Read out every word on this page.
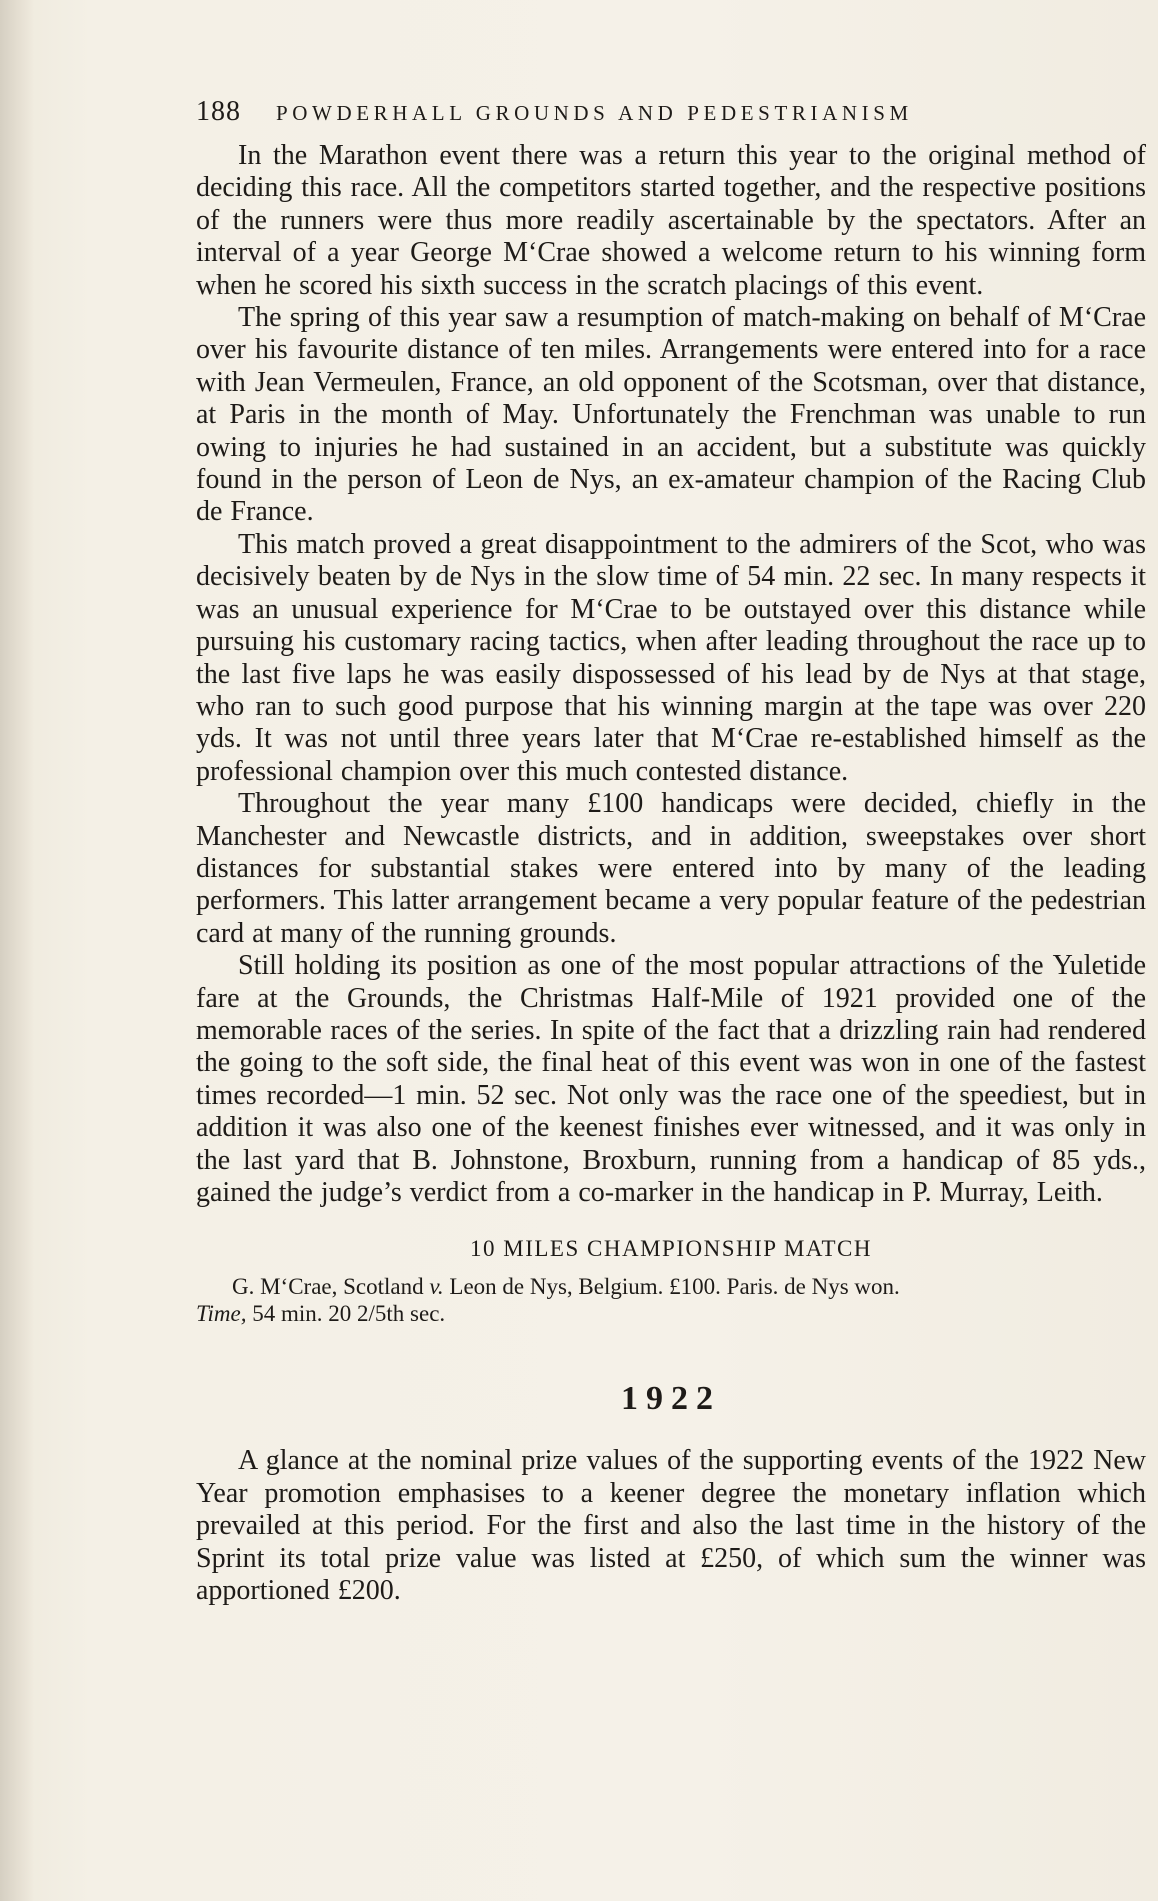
188	POWDERHALL GROUNDS AND PEDESTRIANISM

In the Marathon event there was a return this year to the original method of deciding this race. All the competitors started together, and the respective positions of the runners were thus more readily ascertainable by the spectators. After an interval of a year George M‘Crae showed a welcome return to his winning form when he scored his sixth success in the scratch placings of this event.

The spring of this year saw a resumption of match-making on behalf of M‘Crae over his favourite distance of ten miles. Arrangements were entered into for a race with Jean Vermeulen, France, an old opponent of the Scotsman, over that distance, at Paris in the month of May. Unfortunately the Frenchman was unable to run owing to injuries he had sustained in an accident, but a substitute was quickly found in the person of Leon de Nys, an ex-amateur champion of the Racing Club de France.

This match proved a great disappointment to the admirers of the Scot, who was decisively beaten by de Nys in the slow time of 54 min. 22 sec. In many respects it was an unusual experience for M‘Crae to be outstayed over this distance while pursuing his customary racing tactics, when after leading throughout the race up to the last five laps he was easily dispossessed of his lead by de Nys at that stage, who ran to such good purpose that his winning margin at the tape was over 220 yds. It was not until three years later that M‘Crae re-established himself as the professional champion over this much contested distance.

Throughout the year many £100 handicaps were decided, chiefly in the Manchester and Newcastle districts, and in addition, sweepstakes over short distances for substantial stakes were entered into by many of the leading performers. This latter arrangement became a very popular feature of the pedestrian card at many of the running grounds.

Still holding its position as one of the most popular attractions of the Yuletide fare at the Grounds, the Christmas Half-Mile of 1921 provided one of the memorable races of the series. In spite of the fact that a drizzling rain had rendered the going to the soft side, the final heat of this event was won in one of the fastest times recorded—1 min. 52 sec. Not only was the race one of the speediest, but in addition it was also one of the keenest finishes ever witnessed, and it was only in the last yard that B. Johnstone, Broxburn, running from a handicap of 85 yds., gained the judge’s verdict from a co-marker in the handicap in P. Murray, Leith.

10 MILES CHAMPIONSHIP MATCH

G. M‘Crae, Scotland v. Leon de Nys, Belgium. £100. Paris. de Nys won.
Time, 54 min. 20 2/5th sec.

1922

A glance at the nominal prize values of the supporting events of the 1922 New Year promotion emphasises to a keener degree the monetary inflation which prevailed at this period. For the first and also the last time in the history of the Sprint its total prize value was listed at £250, of which sum the winner was apportioned £200.
